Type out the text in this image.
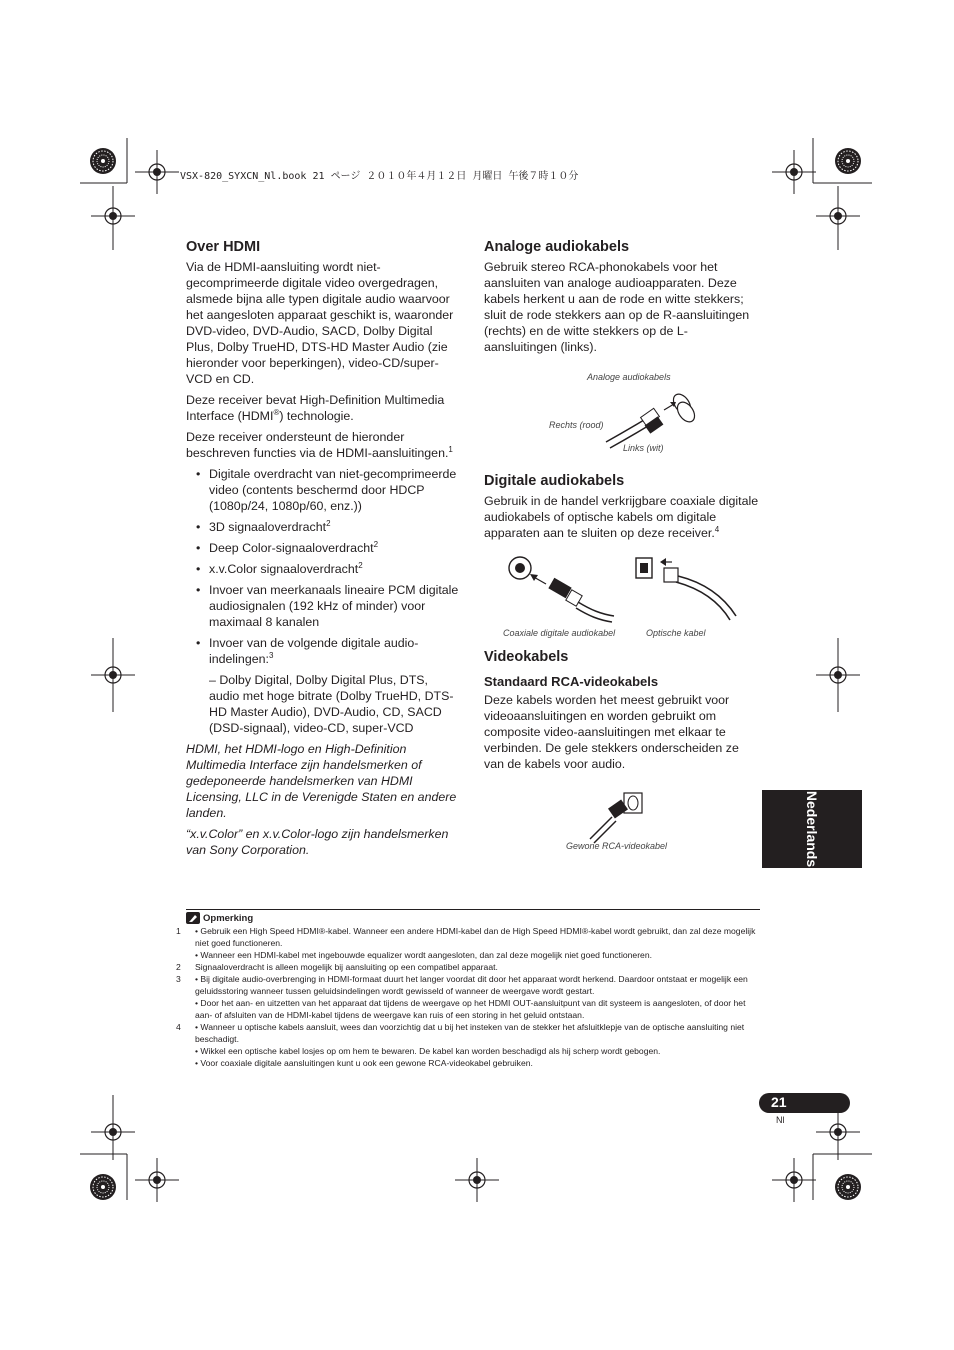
VSX-820_SYXCN_Nl.book 21 ページ ２０１０年４月１２日 月曜日 午後７時１０分
Over HDMI

Via de HDMI-aansluiting wordt niet-gecomprimeerde digitale video overgedragen, alsmede bijna alle typen digitale audio waarvoor het aangesloten apparaat geschikt is, waaronder DVD-video, DVD-Audio, SACD, Dolby Digital Plus, Dolby TrueHD, DTS-HD Master Audio (zie hieronder voor beperkingen), video-CD/super-VCD en CD.

Deze receiver bevat High-Definition Multimedia Interface (HDMI®) technologie.

Deze receiver ondersteunt de hieronder beschreven functies via de HDMI-aansluitingen.$^1$

• Digitale overdracht van niet-gecomprimeerde video (contents beschermd door HDCP (1080p/24, 1080p/60, enz.))
• 3D signaaloverdracht$^2$
• Deep Color-signaaloverdracht$^2$
• x.v.Color signaaloverdracht$^2$
• Invoer van meerkanaals lineaire PCM digitale audiosignalen (192 kHz of minder) voor maximaal 8 kanalen
• Invoer van de volgende digitale audio-indelingen:$^3$
– Dolby Digital, Dolby Digital Plus, DTS, audio met hoge bitrate (Dolby TrueHD, DTS-HD Master Audio), DVD-Audio, CD, SACD (DSD-signaal), video-CD, super-VCD

HDMI, het HDMI-logo en High-Definition Multimedia Interface zijn handelsmerken of gedeponeerde handelsmerken van HDMI Licensing, LLC in de Verenigde Staten en andere landen.

“x.v.Color” en x.v.Color-logo zijn handelsmerken van Sony Corporation.

Analoge audiokabels

Gebruik stereo RCA-phonokabels voor het aansluiten van analoge audioapparaten. Deze kabels herkent u aan de rode en witte stekkers; sluit de rode stekkers aan op de R-aansluitingen (rechts) en de witte stekkers op de L-aansluitingen (links).

Analoge audiokabels
Rechts (rood)
Links (wit)
Digitale audiokabels

Gebruik in de handel verkrijgbare coaxiale digitale audiokabels of optische kabels om digitale apparaten aan te sluiten op deze receiver.$^4$

Coaxiale digitale audiokabel	Optische kabel
Videokabels
Standaard RCA-videokabels

Deze kabels worden het meest gebruikt voor videoaansluitingen en worden gebruikt om composite video-aansluitingen met elkaar te verbinden. De gele stekkers onderscheiden ze van de kabels voor audio.

Gewone RCA-videokabel	Nederlands
Opmerking
1 • Gebruik een High Speed HDMI®-kabel. Wanneer een andere HDMI-kabel dan de High Speed HDMI®-kabel wordt gebruikt, dan zal deze mogelijk niet goed functioneren.
• Wanneer een HDMI-kabel met ingebouwde equalizer wordt aangesloten, dan zal deze mogelijk niet goed functioneren.
2 Signaaloverdracht is alleen mogelijk bij aansluiting op een compatibel apparaat.
3 • Bij digitale audio-overbrenging in HDMI-formaat duurt het langer voordat dit door het apparaat wordt herkend. Daardoor ontstaat er mogelijk een geluidsstoring wanneer tussen geluidsindelingen wordt gewisseld of wanneer de weergave wordt gestart.
• Door het aan- en uitzetten van het apparaat dat tijdens de weergave op het HDMI OUT-aansluitpunt van dit systeem is aangesloten, of door het aan- of afsluiten van de HDMI-kabel tijdens de weergave kan ruis of een storing in het geluid ontstaan.
4 • Wanneer u optische kabels aansluit, wees dan voorzichtig dat u bij het insteken van de stekker het afsluitklepje van de optische aansluiting niet beschadigt.
• Wikkel een optische kabel losjes op om hem te bewaren. De kabel kan worden beschadigd als hij scherp wordt gebogen.
• Voor coaxiale digitale aansluitingen kunt u ook een gewone RCA-videokabel gebruiken.
21
Nl
